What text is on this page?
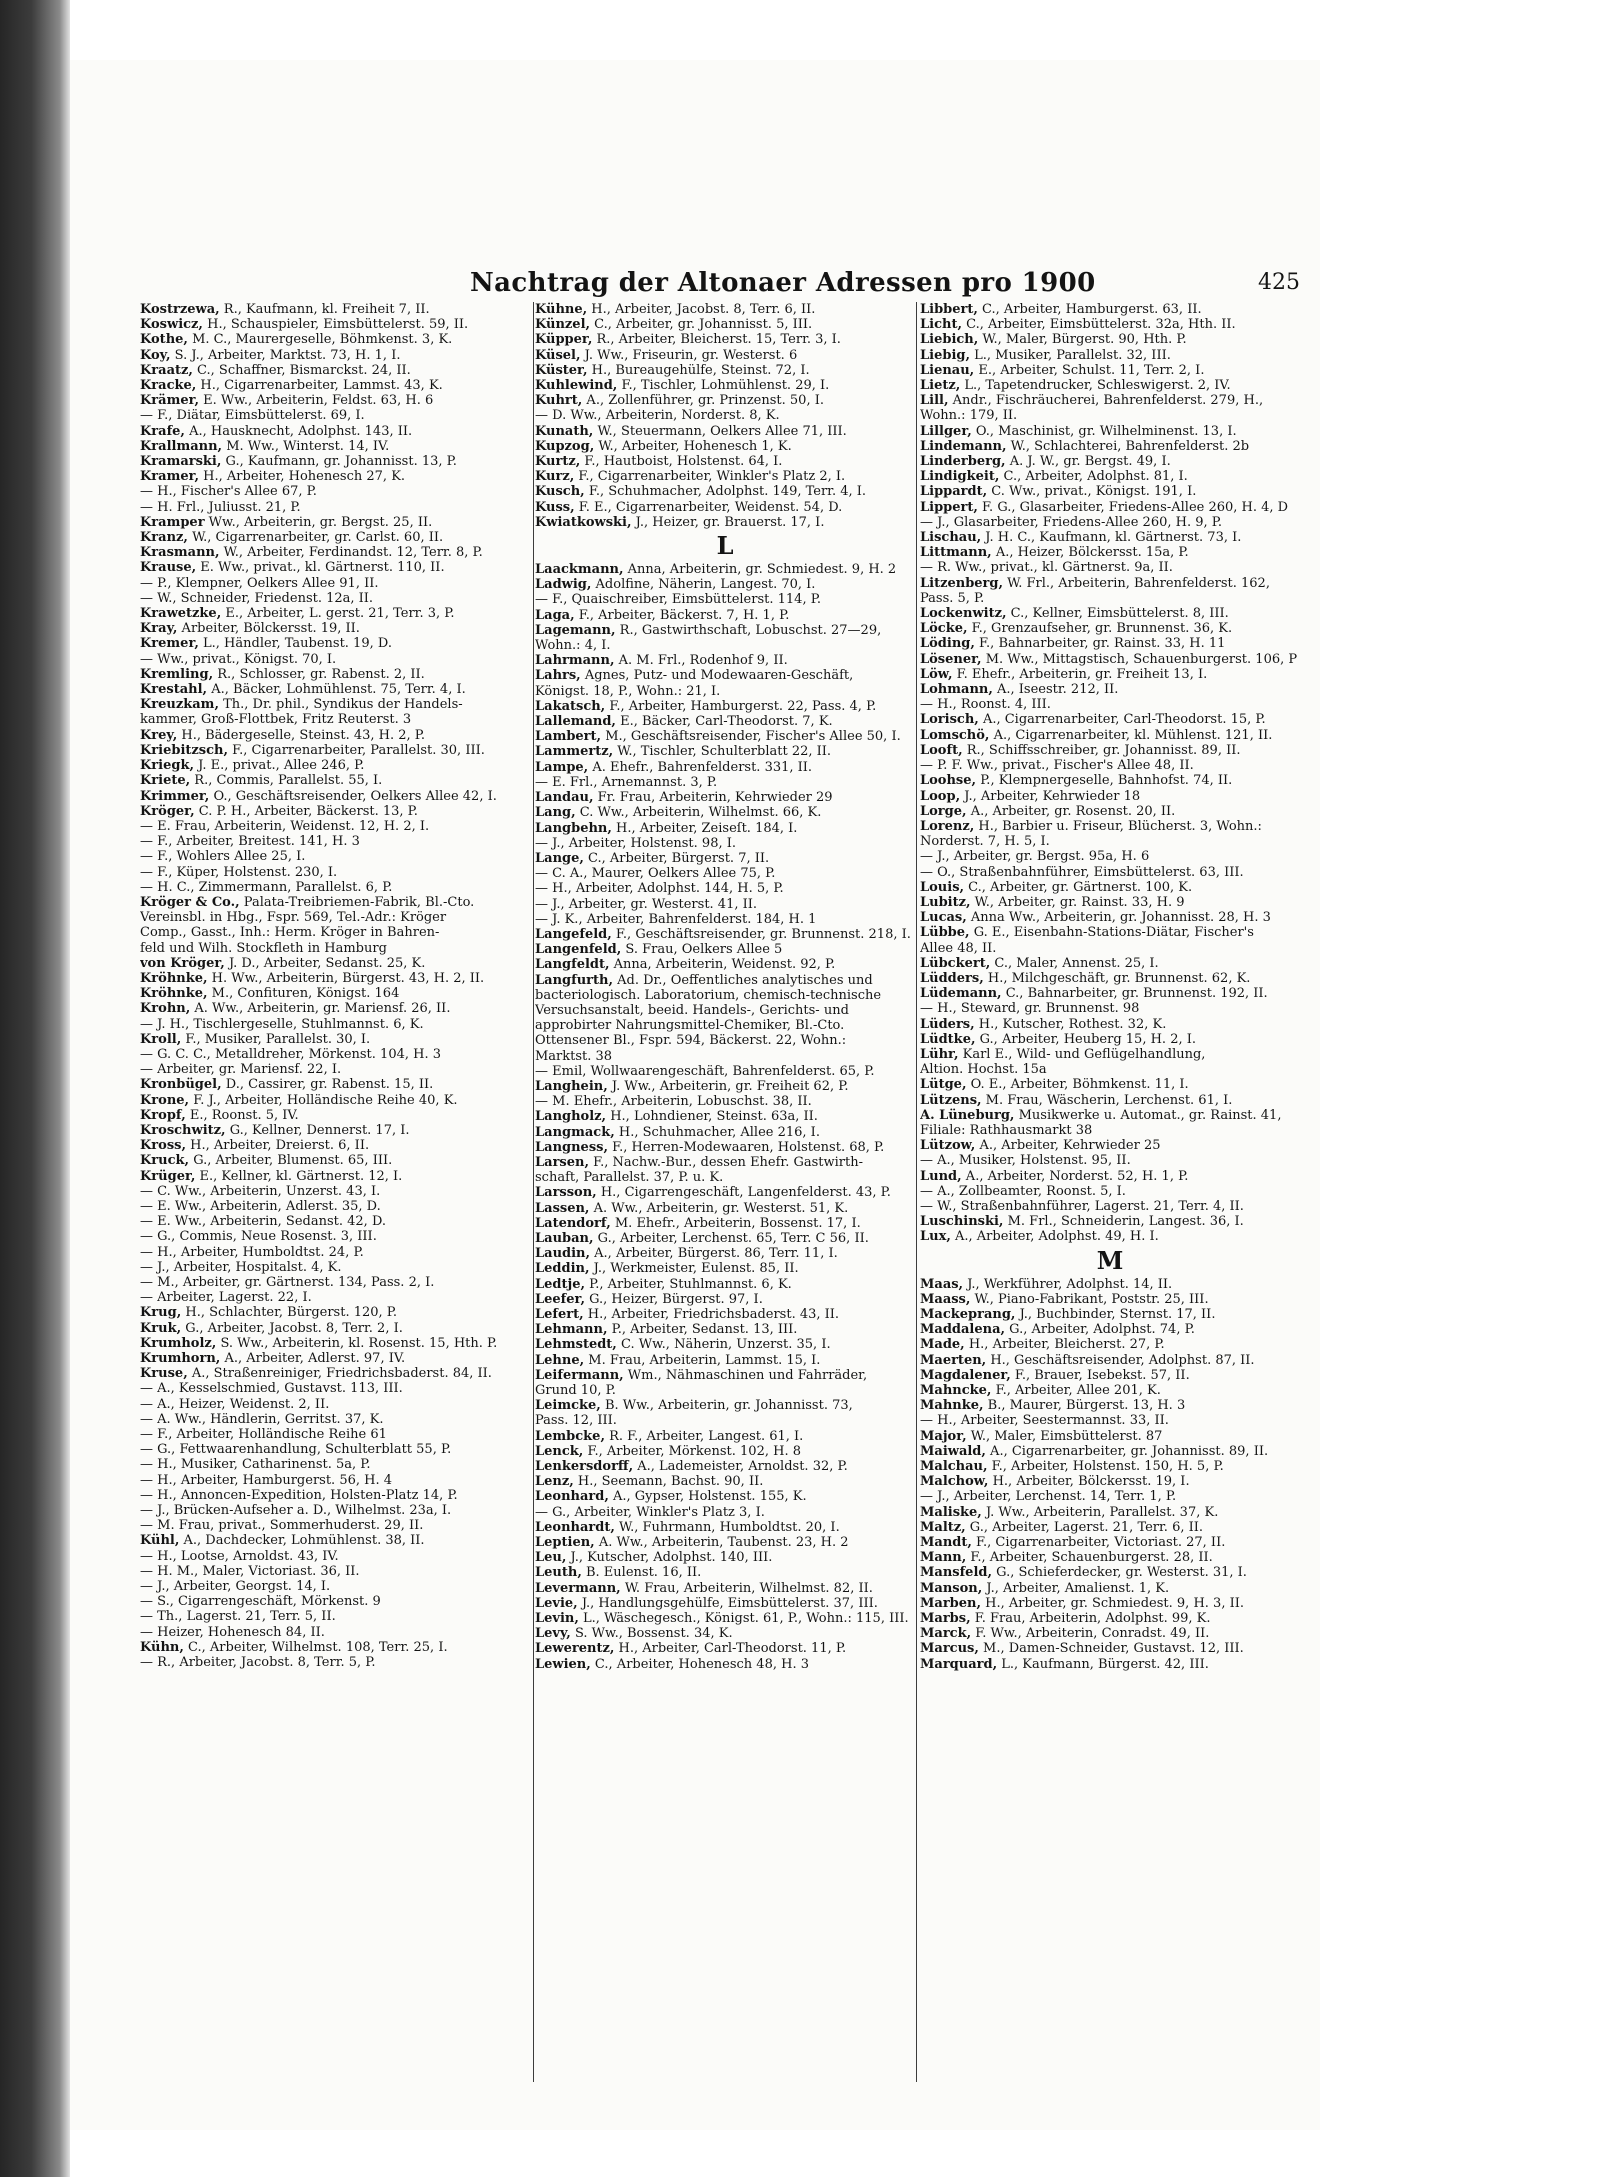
Nachtrag der Altonaer Adressen pro 1900	425
Kostrzewa, R., Kaufmann, kl. Freiheit 7, II.
Koswicz, H., Schauspieler, Eimsbüttelerst. 59, II.
Kothe, M. C., Maurergeselle, Böhmkenst. 3, K.
Koy, S. J., Arbeiter, Marktst. 73, H. 1, I.
Kraatz, C., Schaffner, Bismarckst. 24, II.
Kracke, H., Cigarrenarbeiter, Lammst. 43, K.
Krämer, E. Ww., Arbeiterin, Feldst. 63, H. 6
— F., Diätar, Eimsbüttelerst. 69, I.
Krafe, A., Hausknecht, Adolphst. 143, II.
Krallmann, M. Ww., Winterst. 14, IV.
Kramarski, G., Kaufmann, gr. Johannisst. 13, P.
Kramer, H., Arbeiter, Hohenesch 27, K.
— H., Fischer's Allee 67, P.
— H. Frl., Juliusst. 21, P.
Kramper Ww., Arbeiterin, gr. Bergst. 25, II.
Kranz, W., Cigarrenarbeiter, gr. Carlst. 60, II.
Krasmann, W., Arbeiter, Ferdinandst. 12, Terr. 8, P.
Krause, E. Ww., privat., kl. Gärtnerst. 110, II.
— P., Klempner, Oelkers Allee 91, II.
— W., Schneider, Friedenst. 12a, II.
Krawetzke, E., Arbeiter, L. gerst. 21, Terr. 3, P.
Kray, Arbeiter, Bölckersst. 19, II.
Kremer, L., Händler, Taubenst. 19, D.
— Ww., privat., Königst. 70, I.
Kremling, R., Schlosser, gr. Rabenst. 2, II.
Krestahl, A., Bäcker, Lohmühlenst. 75, Terr. 4, I.
Kreuzkam, Th., Dr. phil., Syndikus der Handels-
kammer, Groß-Flottbek, Fritz Reuterst. 3
Krey, H., Bädergeselle, Steinst. 43, H. 2, P.
Kriebitzsch, F., Cigarrenarbeiter, Parallelst. 30, III.
Kriegk, J. E., privat., Allee 246, P.
Kriete, R., Commis, Parallelst. 55, I.
Krimmer, O., Geschäftsreisender, Oelkers Allee 42, I.
Kröger, C. P. H., Arbeiter, Bäckerst. 13, P.
— E. Frau, Arbeiterin, Weidenst. 12, H. 2, I.
— F., Arbeiter, Breitest. 141, H. 3
— F., Wohlers Allee 25, I.
— F., Küper, Holstenst. 230, I.
— H. C., Zimmermann, Parallelst. 6, P.
Kröger & Co., Palata-Treibriemen-Fabrik, Bl.-Cto.
Vereinsbl. in Hbg., Fspr. 569, Tel.-Adr.: Kröger
Comp., Gasst., Inh.: Herm. Kröger in Bahren-
feld und Wilh. Stockfleth in Hamburg
von Kröger, J. D., Arbeiter, Sedanst. 25, K.
Kröhnke, H. Ww., Arbeiterin, Bürgerst. 43, H. 2, II.
Kröhnke, M., Confituren, Königst. 164
Krohn, A. Ww., Arbeiterin, gr. Mariensf. 26, II.
— J. H., Tischlergeselle, Stuhlmannst. 6, K.
Kroll, F., Musiker, Parallelst. 30, I.
— G. C. C., Metalldreher, Mörkenst. 104, H. 3
— Arbeiter, gr. Mariensf. 22, I.
Kronbügel, D., Cassirer, gr. Rabenst. 15, II.
Krone, F. J., Arbeiter, Holländische Reihe 40, K.
Kropf, E., Roonst. 5, IV.
Kroschwitz, G., Kellner, Dennerst. 17, I.
Kross, H., Arbeiter, Dreierst. 6, II.
Kruck, G., Arbeiter, Blumenst. 65, III.
Krüger, E., Kellner, kl. Gärtnerst. 12, I.
— C. Ww., Arbeiterin, Unzerst. 43, I.
— E. Ww., Arbeiterin, Adlerst. 35, D.
— E. Ww., Arbeiterin, Sedanst. 42, D.
— G., Commis, Neue Rosenst. 3, III.
— H., Arbeiter, Humboldtst. 24, P.
— J., Arbeiter, Hospitalst. 4, K.
— M., Arbeiter, gr. Gärtnerst. 134, Pass. 2, I.
— Arbeiter, Lagerst. 22, I.
Krug, H., Schlachter, Bürgerst. 120, P.
Kruk, G., Arbeiter, Jacobst. 8, Terr. 2, I.
Krumholz, S. Ww., Arbeiterin, kl. Rosenst. 15, Hth. P.
Krumhorn, A., Arbeiter, Adlerst. 97, IV.
Kruse, A., Straßenreiniger, Friedrichsbaderst. 84, II.
— A., Kesselschmied, Gustavst. 113, III.
— A., Heizer, Weidenst. 2, II.
— A. Ww., Händlerin, Gerritst. 37, K.
— F., Arbeiter, Holländische Reihe 61
— G., Fettwaarenhandlung, Schulterblatt 55, P.
— H., Musiker, Catharinenst. 5a, P.
— H., Arbeiter, Hamburgerst. 56, H. 4
— H., Annoncen-Expedition, Holsten-Platz 14, P.
— J., Brücken-Aufseher a. D., Wilhelmst. 23a, I.
— M. Frau, privat., Sommerhuderst. 29, II.
Kühl, A., Dachdecker, Lohmühlenst. 38, II.
— H., Lootse, Arnoldst. 43, IV.
— H. M., Maler, Victoriast. 36, II.
— J., Arbeiter, Georgst. 14, I.
— S., Cigarrengeschäft, Mörkenst. 9
— Th., Lagerst. 21, Terr. 5, II.
— Heizer, Hohenesch 84, II.
Kühn, C., Arbeiter, Wilhelmst. 108, Terr. 25, I.
— R., Arbeiter, Jacobst. 8, Terr. 5, P.
Kühne, H., Arbeiter, Jacobst. 8, Terr. 6, II.
Künzel, C., Arbeiter, gr. Johannisst. 5, III.
Küpper, R., Arbeiter, Bleicherst. 15, Terr. 3, I.
Küsel, J. Ww., Friseurin, gr. Westerst. 6
Küster, H., Bureaugehülfe, Steinst. 72, I.
Kuhlewind, F., Tischler, Lohmühlenst. 29, I.
Kuhrt, A., Zollenführer, gr. Prinzenst. 50, I.
— D. Ww., Arbeiterin, Norderst. 8, K.
Kunath, W., Steuermann, Oelkers Allee 71, III.
Kupzog, W., Arbeiter, Hohenesch 1, K.
Kurtz, F., Hautboist, Holstenst. 64, I.
Kurz, F., Cigarrenarbeiter, Winkler's Platz 2, I.
Kusch, F., Schuhmacher, Adolphst. 149, Terr. 4, I.
Kuss, F. E., Cigarrenarbeiter, Weidenst. 54, D.
Kwiatkowski, J., Heizer, gr. Brauerst. 17, I.
L
Laackmann, Anna, Arbeiterin, gr. Schmiedest. 9, H. 2
Ladwig, Adolfine, Näherin, Langest. 70, I.
— F., Quaischreiber, Eimsbüttelerst. 114, P.
Laga, F., Arbeiter, Bäckerst. 7, H. 1, P.
Lagemann, R., Gastwirthschaft, Lobuschst. 27—29,
Wohn.: 4, I.
Lahrmann, A. M. Frl., Rodenhof 9, II.
Lahrs, Agnes, Putz- und Modewaaren-Geschäft,
Königst. 18, P., Wohn.: 21, I.
Lakatsch, F., Arbeiter, Hamburgerst. 22, Pass. 4, P.
Lallemand, E., Bäcker, Carl-Theodorst. 7, K.
Lambert, M., Geschäftsreisender, Fischer's Allee 50, I.
Lammertz, W., Tischler, Schulterblatt 22, II.
Lampe, A. Ehefr., Bahrenfelderst. 331, II.
— E. Frl., Arnemannst. 3, P.
Landau, Fr. Frau, Arbeiterin, Kehrwieder 29
Lang, C. Ww., Arbeiterin, Wilhelmst. 66, K.
Langbehn, H., Arbeiter, Zeiseſt. 184, I.
— J., Arbeiter, Holstenst. 98, I.
Lange, C., Arbeiter, Bürgerst. 7, II.
— C. A., Maurer, Oelkers Allee 75, P.
— H., Arbeiter, Adolphst. 144, H. 5, P.
— J., Arbeiter, gr. Westerst. 41, II.
— J. K., Arbeiter, Bahrenfelderst. 184, H. 1
Langefeld, F., Geschäftsreisender, gr. Brunnenst. 218, I.
Langenfeld, S. Frau, Oelkers Allee 5
Langfeldt, Anna, Arbeiterin, Weidenst. 92, P.
Langfurth, Ad. Dr., Oeffentliches analytisches und
bacteriologisch. Laboratorium, chemisch-technische
Versuchsanstalt, beeid. Handels-, Gerichts- und
approbirter Nahrungsmittel-Chemiker, Bl.-Cto.
Ottensener Bl., Fspr. 594, Bäckerst. 22, Wohn.:
Marktst. 38
— Emil, Wollwaarengeschäft, Bahrenfelderst. 65, P.
Langhein, J. Ww., Arbeiterin, gr. Freiheit 62, P.
— M. Ehefr., Arbeiterin, Lobuschst. 38, II.
Langholz, H., Lohndiener, Steinst. 63a, II.
Langmack, H., Schuhmacher, Allee 216, I.
Langness, F., Herren-Modewaaren, Holstenst. 68, P.
Larsen, F., Nachw.-Bur., dessen Ehefr. Gastwirth-
schaft, Parallelst. 37, P. u. K.
Larsson, H., Cigarrengeschäft, Langenfelderst. 43, P.
Lassen, A. Ww., Arbeiterin, gr. Westerst. 51, K.
Latendorf, M. Ehefr., Arbeiterin, Bossenst. 17, I.
Lauban, G., Arbeiter, Lerchenst. 65, Terr. C 56, II.
Laudin, A., Arbeiter, Bürgerst. 86, Terr. 11, I.
Leddin, J., Werkmeister, Eulenst. 85, II.
Ledtje, P., Arbeiter, Stuhlmannst. 6, K.
Leefer, G., Heizer, Bürgerst. 97, I.
Lefert, H., Arbeiter, Friedrichsbaderst. 43, II.
Lehmann, P., Arbeiter, Sedanst. 13, III.
Lehmstedt, C. Ww., Näherin, Unzerst. 35, I.
Lehne, M. Frau, Arbeiterin, Lammst. 15, I.
Leifermann, Wm., Nähmaschinen und Fahrräder,
Grund 10, P.
Leimcke, B. Ww., Arbeiterin, gr. Johannisst. 73,
Pass. 12, III.
Lembcke, R. F., Arbeiter, Langest. 61, I.
Lenck, F., Arbeiter, Mörkenst. 102, H. 8
Lenkersdorff, A., Lademeister, Arnoldst. 32, P.
Lenz, H., Seemann, Bachst. 90, II.
Leonhard, A., Gypser, Holstenst. 155, K.
— G., Arbeiter, Winkler's Platz 3, I.
Leonhardt, W., Fuhrmann, Humboldtst. 20, I.
Leptien, A. Ww., Arbeiterin, Taubenst. 23, H. 2
Leu, J., Kutscher, Adolphst. 140, III.
Leuth, B. Eulenst. 16, II.
Levermann, W. Frau, Arbeiterin, Wilhelmst. 82, II.
Levie, J., Handlungsgehülfe, Eimsbüttelerst. 37, III.
Levin, L., Wäschegesch., Königst. 61, P., Wohn.: 115, III.
Levy, S. Ww., Bossenst. 34, K.
Lewerentz, H., Arbeiter, Carl-Theodorst. 11, P.
Lewien, C., Arbeiter, Hohenesch 48, H. 3
Libbert, C., Arbeiter, Hamburgerst. 63, II.
Licht, C., Arbeiter, Eimsbüttelerst. 32a, Hth. II.
Liebich, W., Maler, Bürgerst. 90, Hth. P.
Liebig, L., Musiker, Parallelst. 32, III.
Lienau, E., Arbeiter, Schulst. 11, Terr. 2, I.
Lietz, L., Tapetendrucker, Schleswigerst. 2, IV.
Lill, Andr., Fischräucherei, Bahrenfelderst. 279, H.,
Wohn.: 179, II.
Lillger, O., Maschinist, gr. Wilhelminenst. 13, I.
Lindemann, W., Schlachterei, Bahrenfelderst. 2b
Linderberg, A. J. W., gr. Bergst. 49, I.
Lindigkeit, C., Arbeiter, Adolphst. 81, I.
Lippardt, C. Ww., privat., Königst. 191, I.
Lippert, F. G., Glasarbeiter, Friedens-Allee 260, H. 4, D
— J., Glasarbeiter, Friedens-Allee 260, H. 9, P.
Lischau, J. H. C., Kaufmann, kl. Gärtnerst. 73, I.
Littmann, A., Heizer, Bölckersst. 15a, P.
— R. Ww., privat., kl. Gärtnerst. 9a, II.
Litzenberg, W. Frl., Arbeiterin, Bahrenfelderst. 162,
Pass. 5, P.
Lockenwitz, C., Kellner, Eimsbüttelerst. 8, III.
Löcke, F., Grenzaufseher, gr. Brunnenst. 36, K.
Löding, F., Bahnarbeiter, gr. Rainst. 33, H. 11
Lösener, M. Ww., Mittagstisch, Schauenburgerst. 106, P
Löw, F. Ehefr., Arbeiterin, gr. Freiheit 13, I.
Lohmann, A., Iseestr. 212, II.
— H., Roonst. 4, III.
Lorisch, A., Cigarrenarbeiter, Carl-Theodorst. 15, P.
Lomschö, A., Cigarrenarbeiter, kl. Mühlenst. 121, II.
Looft, R., Schiffsschreiber, gr. Johannisst. 89, II.
— P. F. Ww., privat., Fischer's Allee 48, II.
Loohse, P., Klempnergeselle, Bahnhofst. 74, II.
Loop, J., Arbeiter, Kehrwieder 18
Lorge, A., Arbeiter, gr. Rosenst. 20, II.
Lorenz, H., Barbier u. Friseur, Blücherst. 3, Wohn.:
Norderst. 7, H. 5, I.
— J., Arbeiter, gr. Bergst. 95a, H. 6
— O., Straßenbahnführer, Eimsbüttelerst. 63, III.
Louis, C., Arbeiter, gr. Gärtnerst. 100, K.
Lubitz, W., Arbeiter, gr. Rainst. 33, H. 9
Lucas, Anna Ww., Arbeiterin, gr. Johannisst. 28, H. 3
Lübbe, G. E., Eisenbahn-Stations-Diätar, Fischer's
Allee 48, II.
Lübckert, C., Maler, Annenst. 25, I.
Lüdders, H., Milchgeschäft, gr. Brunnenst. 62, K.
Lüdemann, C., Bahnarbeiter, gr. Brunnenst. 192, II.
— H., Steward, gr. Brunnenst. 98
Lüders, H., Kutscher, Rothest. 32, K.
Lüdtke, G., Arbeiter, Heuberg 15, H. 2, I.
Lühr, Karl E., Wild- und Geflügelhandlung,
Altion. Hochst. 15a
Lütge, O. E., Arbeiter, Böhmkenst. 11, I.
Lützens, M. Frau, Wäscherin, Lerchenst. 61, I.
A. Lüneburg, Musikwerke u. Automat., gr. Rainst. 41,
Filiale: Rathhausmarkt 38
Lützow, A., Arbeiter, Kehrwieder 25
— A., Musiker, Holstenst. 95, II.
Lund, A., Arbeiter, Norderst. 52, H. 1, P.
— A., Zollbeamter, Roonst. 5, I.
— W., Straßenbahnführer, Lagerst. 21, Terr. 4, II.
Luschinski, M. Frl., Schneiderin, Langest. 36, I.
Lux, A., Arbeiter, Adolphst. 49, H. I.
M
Maas, J., Werkführer, Adolphst. 14, II.
Maass, W., Piano-Fabrikant, Poststr. 25, III.
Mackeprang, J., Buchbinder, Sternst. 17, II.
Maddalena, G., Arbeiter, Adolphst. 74, P.
Made, H., Arbeiter, Bleicherst. 27, P.
Maerten, H., Geschäftsreisender, Adolphst. 87, II.
Magdalener, F., Brauer, Isebekst. 57, II.
Mahncke, F., Arbeiter, Allee 201, K.
Mahnke, B., Maurer, Bürgerst. 13, H. 3
— H., Arbeiter, Seestermannst. 33, II.
Major, W., Maler, Eimsbüttelerst. 87
Maiwald, A., Cigarrenarbeiter, gr. Johannisst. 89, II.
Malchau, F., Arbeiter, Holstenst. 150, H. 5, P.
Malchow, H., Arbeiter, Bölckersst. 19, I.
— J., Arbeiter, Lerchenst. 14, Terr. 1, P.
Maliske, J. Ww., Arbeiterin, Parallelst. 37, K.
Maltz, G., Arbeiter, Lagerst. 21, Terr. 6, II.
Mandt, F., Cigarrenarbeiter, Victoriast. 27, II.
Mann, F., Arbeiter, Schauenburgerst. 28, II.
Mansfeld, G., Schieferdecker, gr. Westerst. 31, I.
Manson, J., Arbeiter, Amalienst. 1, K.
Marben, H., Arbeiter, gr. Schmiedest. 9, H. 3, II.
Marbs, F. Frau, Arbeiterin, Adolphst. 99, K.
Marck, F. Ww., Arbeiterin, Conradst. 49, II.
Marcus, M., Damen-Schneider, Gustavst. 12, III.
Marquard, L., Kaufmann, Bürgerst. 42, III.
